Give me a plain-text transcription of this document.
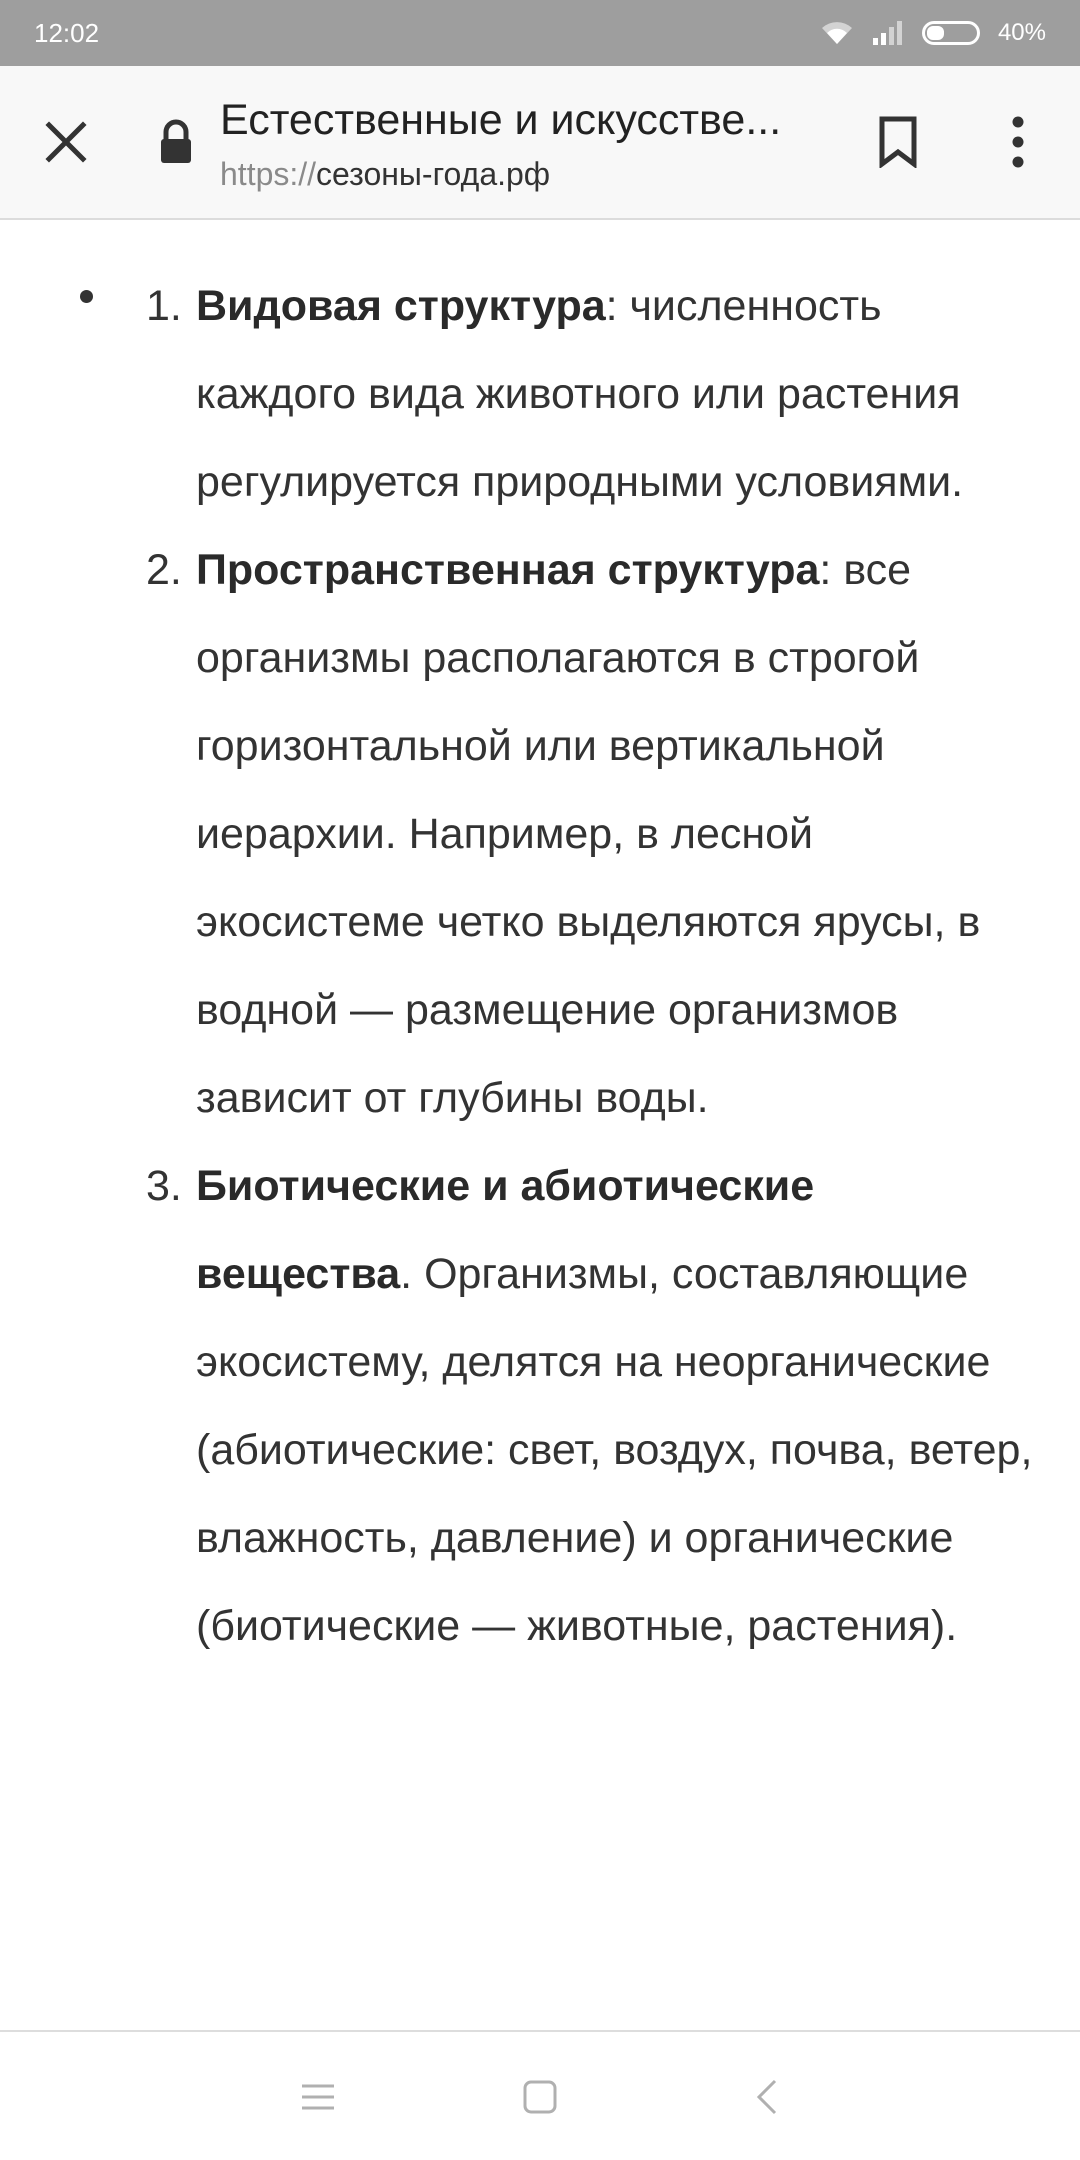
12:02	40%
Естественные и искусстве...
https://сезоны-года.рф
1. Видовая структура: численность каждого вида животного или растения регулируется природными условиями.
2. Пространственная структура: все организмы располагаются в строгой горизонтальной или вертикальной иерархии. Например, в лесной экосистеме четко выделяются ярусы, в водной — размещение организмов зависит от глубины воды.
3. Биотические и абиотические вещества. Организмы, составляющие экосистему, делятся на неорганические (абиотические: свет, воздух, почва, ветер, влажность, давление) и органические (биотические — животные, растения).
